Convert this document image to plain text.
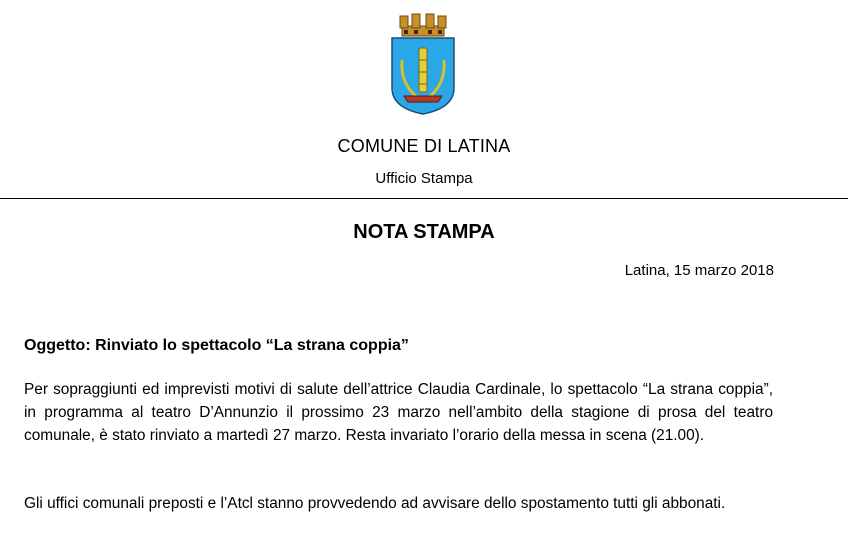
COMUNE DI LATINA
Ufficio Stampa
NOTA STAMPA
Latina, 15 marzo 2018
Oggetto: Rinviato lo spettacolo “La strana coppia”

Per sopraggiunti ed imprevisti motivi di salute dell’attrice Claudia Cardinale, lo spettacolo “La strana coppia”, in programma al teatro D’Annunzio il prossimo 23 marzo nell’ambito della stagione di prosa del teatro comunale, è stato rinviato a martedì 27 marzo. Resta invariato l’orario della messa in scena (21.00).

Gli uffici comunali preposti e l’Atcl stanno provvedendo ad avvisare dello spostamento tutti gli abbonati.
